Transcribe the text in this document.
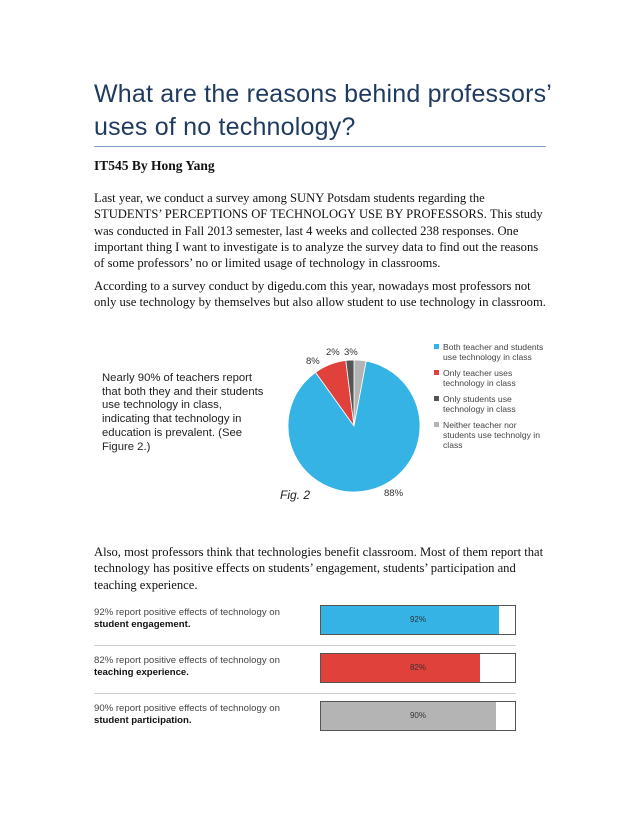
What are the reasons behind professors’ uses of no technology?
IT545 By Hong Yang
Last year, we conduct a survey among SUNY Potsdam students regarding the STUDENTS’ PERCEPTIONS OF TECHNOLOGY USE BY PROFESSORS. This study was conducted in Fall 2013 semester, last 4 weeks and collected 238 responses. One important thing I want to investigate is to analyze the survey data to find out the reasons of some professors’ no or limited usage of technology in classrooms.
According to a survey conduct by digedu.com this year, nowadays most professors not only use technology by themselves but also allow student to use technology in classroom.
Nearly 90% of teachers report that both they and their students use technology in class, indicating that technology in education is prevalent. (See Figure 2.)
8%
2% 3%
88%
Fig. 2
Both teacher and students use technology in class
Only teacher uses technology in class
Only students use technology in class
Neither teacher nor students use technolgy in class
Also, most professors think that technologies benefit classroom. Most of them report that technology has positive effects on students’ engagement, students’ participation and teaching experience.
92% report positive effects of technology on student engagement.	92%
82% report positive effects of technology on teaching experience.	82%
90% report positive effects of technology on student participation.	90%
